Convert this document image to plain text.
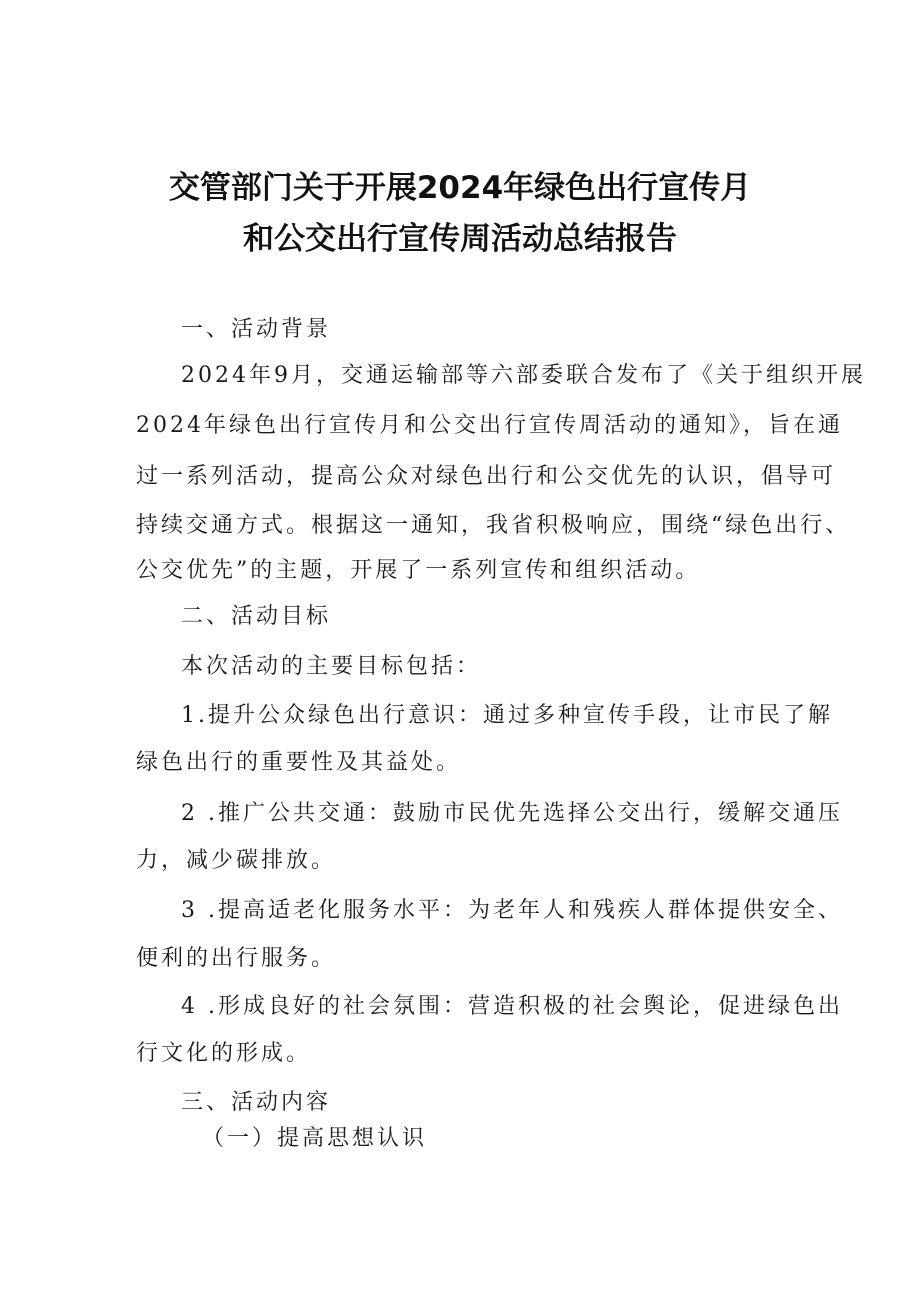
交管部门关于开展2024年绿色出行宣传月
和公交出行宣传周活动总结报告
一、活动背景
2024年9月，交通运输部等六部委联合发布了《关于组织开展
2024年绿色出行宣传月和公交出行宣传周活动的通知》，旨在通
过一系列活动，提高公众对绿色出行和公交优先的认识，倡导可
持续交通方式。根据这一通知，我省积极响应，围绕“绿色出行、
公交优先”的主题，开展了一系列宣传和组织活动。
二、活动目标
本次活动的主要目标包括：
1.提升公众绿色出行意识：通过多种宣传手段，让市民了解
绿色出行的重要性及其益处。
2 .推广公共交通：鼓励市民优先选择公交出行，缓解交通压
力，减少碳排放。
3 .提高适老化服务水平：为老年人和残疾人群体提供安全、
便利的出行服务。
4 .形成良好的社会氛围：营造积极的社会舆论，促进绿色出
行文化的形成。
三、活动内容
（一）提高思想认识
